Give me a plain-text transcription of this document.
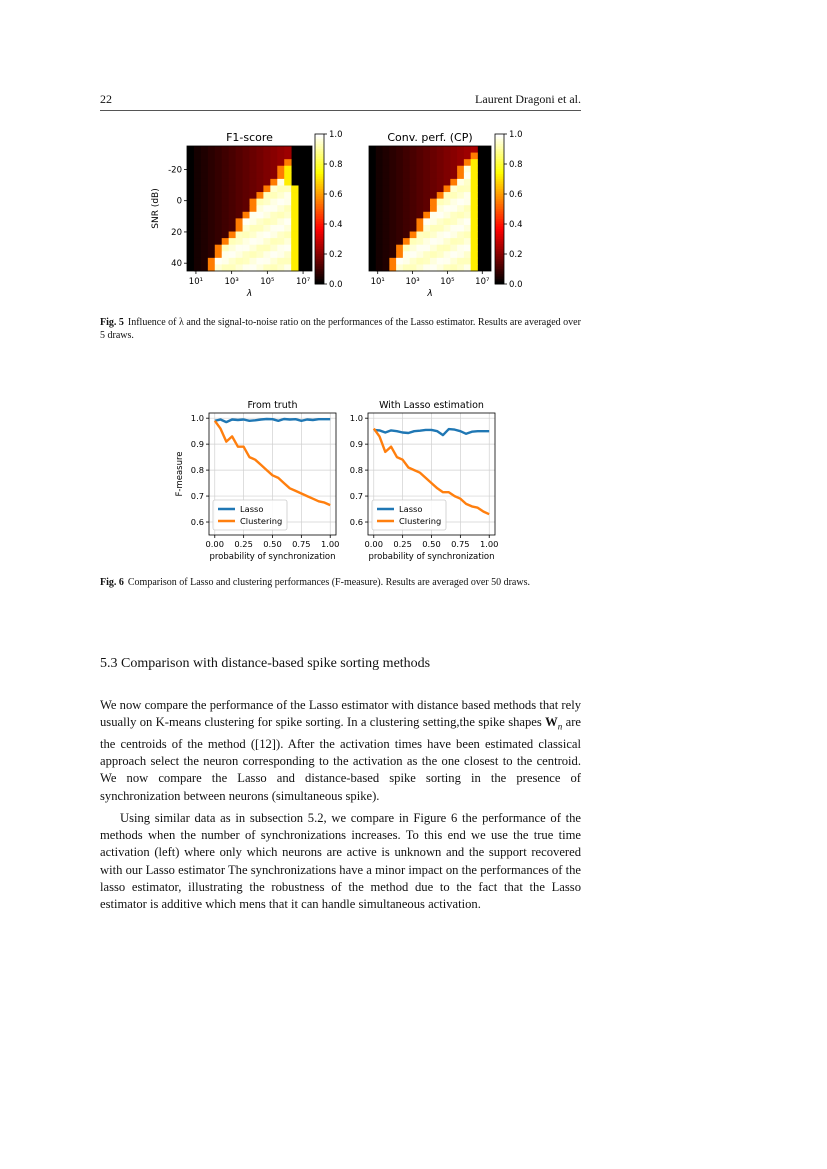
22	Laurent Dragoni et al.
F1-score
10¹	10³	10⁵	10⁷
λ
-20
0
20
40
SNR (dB)
0.0
0.2
0.4
0.6
0.8
1.0	Conv. perf. (CP)
10¹ 10³ 10⁵ 10⁷
λ
0.0
0.2
0.4
0.6
0.8
1.0
Fig. 5 Influence of λ and the signal-to-noise ratio on the performances of the Lasso estimator. Results are averaged over 5 draws.
0.00 0.25 0.50 0.75 1.00
0.6
0.7
0.8
0.9
1.0
From truth
probability of synchronization
F-measure
Lasso
Clustering
0.00 0.25 0.50 0.75 1.00
0.6
0.7
0.8
0.9
1.0
With Lasso estimation
probability of synchronization
Lasso
Clustering
Fig. 6 Comparison of Lasso and clustering performances (F-measure). Results are averaged over 50 draws.
5.3 Comparison with distance-based spike sorting methods

We now compare the performance of the Lasso estimator with distance based methods that rely usually on K-means clustering for spike sorting. In a clustering setting,the spike shapes $W_n$ are the centroids of the method ([12]). After the activation times have been estimated classical approach select the neuron corresponding to the activation as the one closest to the centroid. We now compare the Lasso and distance-based spike sorting in the presence of synchronization between neurons (simultaneous spike).

Using similar data as in subsection 5.2, we compare in Figure 6 the performance of the methods when the number of synchronizations increases. To this end we use the true time activation (left) where only which neurons are active is unknown and the support recovered with our Lasso estimator The synchronizations have a minor impact on the performances of the lasso estimator, illustrating the robustness of the method due to the fact that the Lasso estimator is additive which mens that it can handle simultaneous activation.
